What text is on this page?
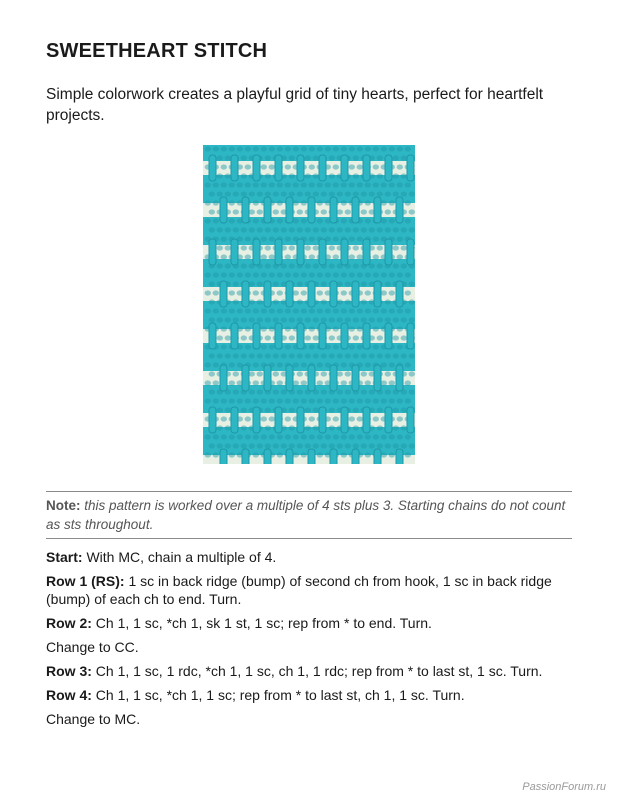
SWEETHEART STITCH

Simple colorwork creates a playful grid of tiny hearts, perfect for heartfelt projects.

Note: this pattern is worked over a multiple of 4 sts plus 3. Starting chains do not count as sts throughout.

Start: With MC, chain a multiple of 4.

Row 1 (RS): 1 sc in back ridge (bump) of second ch from hook, 1 sc in back ridge (bump) of each ch to end. Turn.

Row 2: Ch 1, 1 sc, *ch 1, sk 1 st, 1 sc; rep from * to end. Turn.

Change to CC.

Row 3: Ch 1, 1 sc, 1 rdc, *ch 1, 1 sc, ch 1, 1 rdc; rep from * to last st, 1 sc. Turn.

Row 4: Ch 1, 1 sc, *ch 1, 1 sc; rep from * to last st, ch 1, 1 sc. Turn.

Change to MC.

PassionForum.ru
